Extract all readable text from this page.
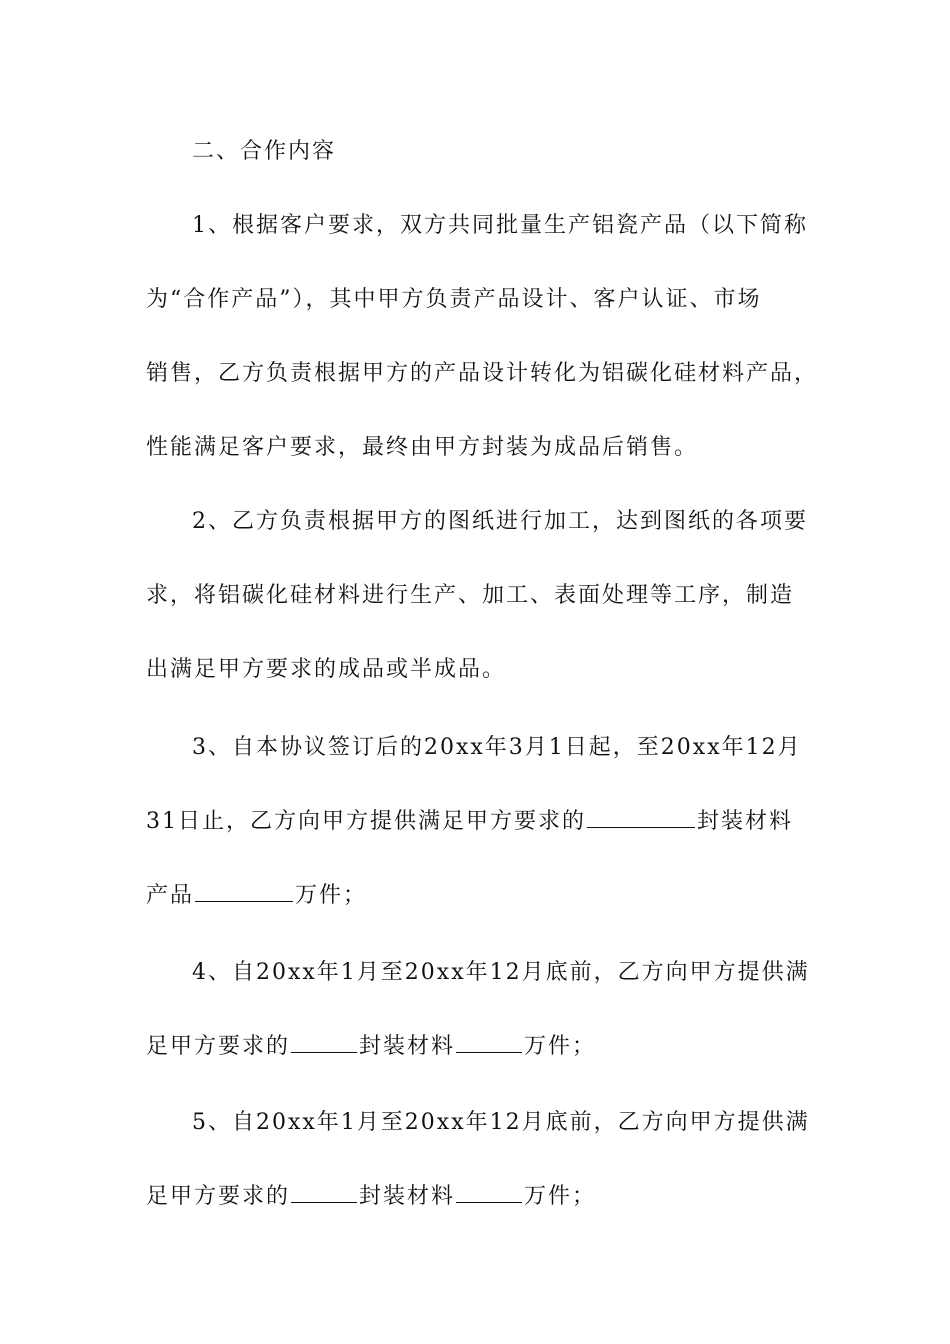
二、合作内容
1、根据客户要求，双方共同批量生产铝瓷产品（以下简称
为“合作产品”），其中甲方负责产品设计、客户认证、市场
销售，乙方负责根据甲方的产品设计转化为铝碳化硅材料产品，
性能满足客户要求，最终由甲方封装为成品后销售。
2、乙方负责根据甲方的图纸进行加工，达到图纸的各项要
求，将铝碳化硅材料进行生产、加工、表面处理等工序，制造
出满足甲方要求的成品或半成品。
3、自本协议签订后的20xx年3月1日起，至20xx年12月
31日止，乙方向甲方提供满足甲方要求的	封装材料
产品	万件；
4、自20xx年1月至20xx年12月底前，乙方向甲方提供满
足甲方要求的	封装材料	万件；
5、自20xx年1月至20xx年12月底前，乙方向甲方提供满
足甲方要求的	封装材料	万件；
